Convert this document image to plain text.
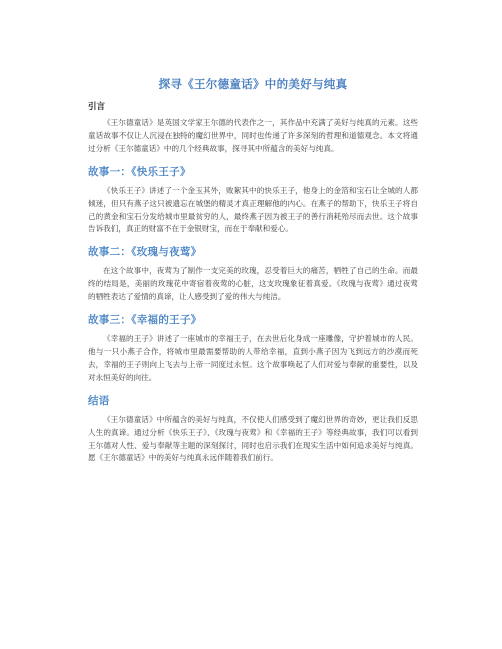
探寻《王尔德童话》中的美好与纯真
引言

《王尔德童话》是英国文学家王尔德的代表作之一，其作品中充满了美好与纯真的元素。这些童话故事不仅让人沉浸在独特的魔幻世界中，同时也传递了许多深刻的哲理和道德观念。本文将通过分析《王尔德童话》中的几个经典故事，探寻其中所蕴含的美好与纯真。

故事一：《快乐王子》

《快乐王子》讲述了一个金玉其外，败絮其中的快乐王子，他身上的金箔和宝石让全城的人都倾迷，但只有燕子这只被遗忘在城堡的精灵才真正理解他的内心。在燕子的帮助下，快乐王子将自己的黄金和宝石分发给城市里最贫穷的人，最终燕子因为被王子的善行消耗殆尽而去世。这个故事告诉我们，真正的财富不在于金银财宝，而在于奉献和爱心。

故事二：《玫瑰与夜莺》

在这个故事中，夜莺为了制作一支完美的玫瑰，忍受着巨大的痛苦，牺牲了自己的生命。而最终的结局是，美丽的玫瑰花中寄宿着夜莺的心脏，这支玫瑰象征着真爱。《玫瑰与夜莺》通过夜莺的牺牲表达了爱情的真谛，让人感受到了爱的伟大与纯洁。

故事三：《幸福的王子》

《幸福的王子》讲述了一座城市的幸福王子，在去世后化身成一座雕像，守护着城市的人民。他与一只小燕子合作，将城市里最需要帮助的人带给幸福，直到小燕子因为飞到远方的沙漠而死去，幸福的王子则向上飞去与上帝一同度过永恒。这个故事唤起了人们对爱与奉献的重要性，以及对永恒美好的向往。

结语

《王尔德童话》中所蕴含的美好与纯真，不仅使人们感受到了魔幻世界的奇妙，更让我们反思人生的真谛。通过分析《快乐王子》、《玫瑰与夜莺》和《幸福的王子》等经典故事，我们可以看到王尔德对人性、爱与奉献等主题的深刻探讨，同时也启示我们在现实生活中如何追求美好与纯真。愿《王尔德童话》中的美好与纯真永远伴随着我们前行。
